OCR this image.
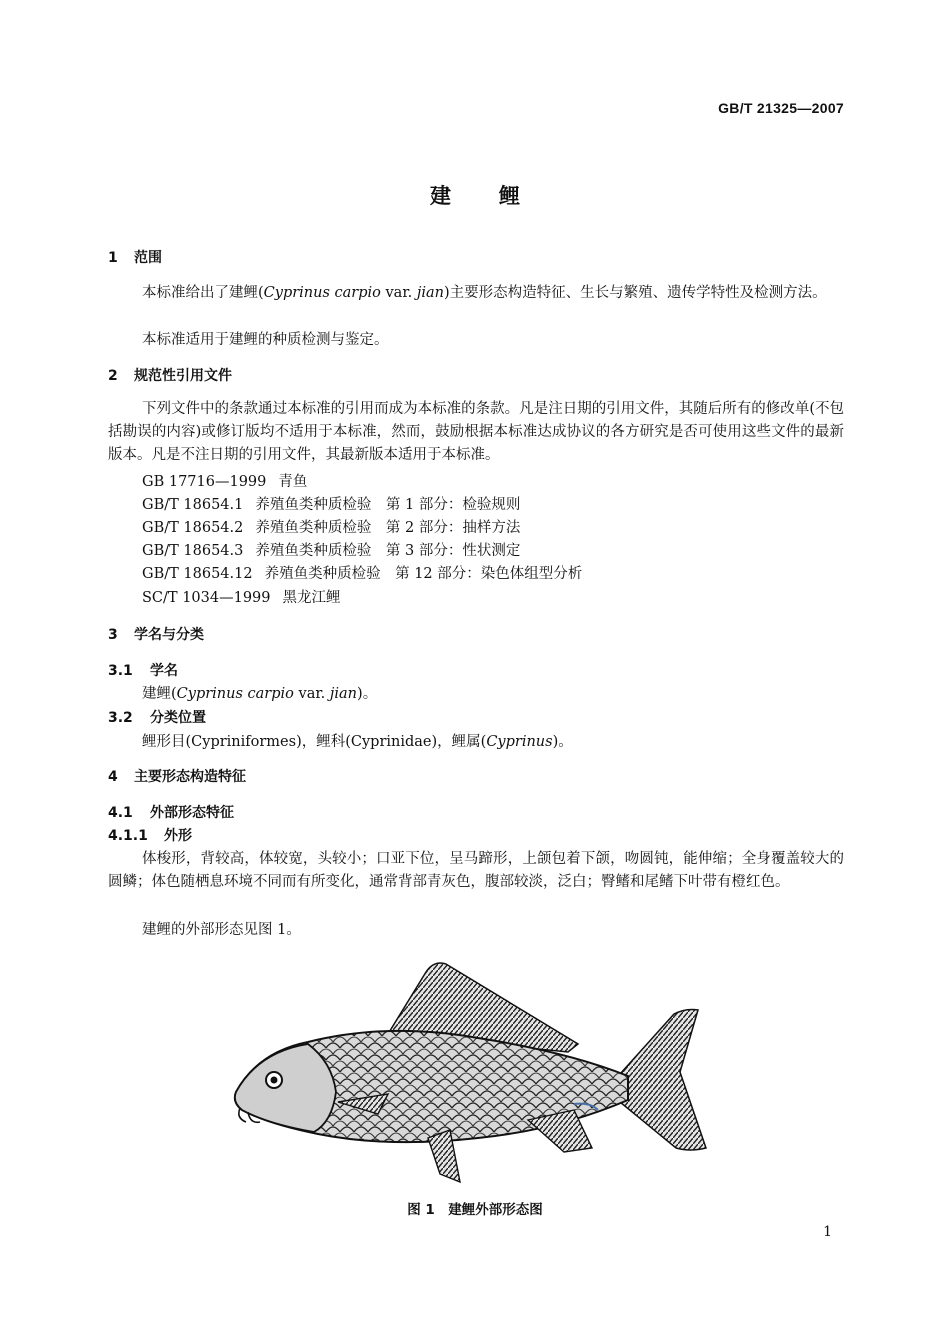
GB/T 21325—2007
建鲤
1 范围
本标准给出了建鲤(Cyprinus carpio var. jian)主要形态构造特征、生长与繁殖、遗传学特性及检测方法。
本标准适用于建鲤的种质检测与鉴定。
2 规范性引用文件
下列文件中的条款通过本标准的引用而成为本标准的条款。凡是注日期的引用文件，其随后所有的修改单(不包括勘误的内容)或修订版均不适用于本标准，然而，鼓励根据本标准达成协议的各方研究是否可使用这些文件的最新版本。凡是不注日期的引用文件，其最新版本适用于本标准。
GB 17716—1999 青鱼
GB/T 18654.1 养殖鱼类种质检验　第 1 部分：检验规则
GB/T 18654.2 养殖鱼类种质检验　第 2 部分：抽样方法
GB/T 18654.3 养殖鱼类种质检验　第 3 部分：性状测定
GB/T 18654.12 养殖鱼类种质检验　第 12 部分：染色体组型分析
SC/T 1034—1999 黑龙江鲤
3 学名与分类
3.1 学名
建鲤(Cyprinus carpio var. jian)。
3.2 分类位置
鲤形目(Cypriniformes)，鲤科(Cyprinidae)，鲤属(Cyprinus)。
4 主要形态构造特征
4.1 外部形态特征
4.1.1 外形
体梭形，背较高，体较宽，头较小；口亚下位，呈马蹄形，上颌包着下颌，吻圆钝，能伸缩；全身覆盖较大的圆鳞；体色随栖息环境不同而有所变化，通常背部青灰色，腹部较淡，泛白；臀鳍和尾鳍下叶带有橙红色。
建鲤的外部形态见图 1。
图 1　建鲤外部形态图
1
